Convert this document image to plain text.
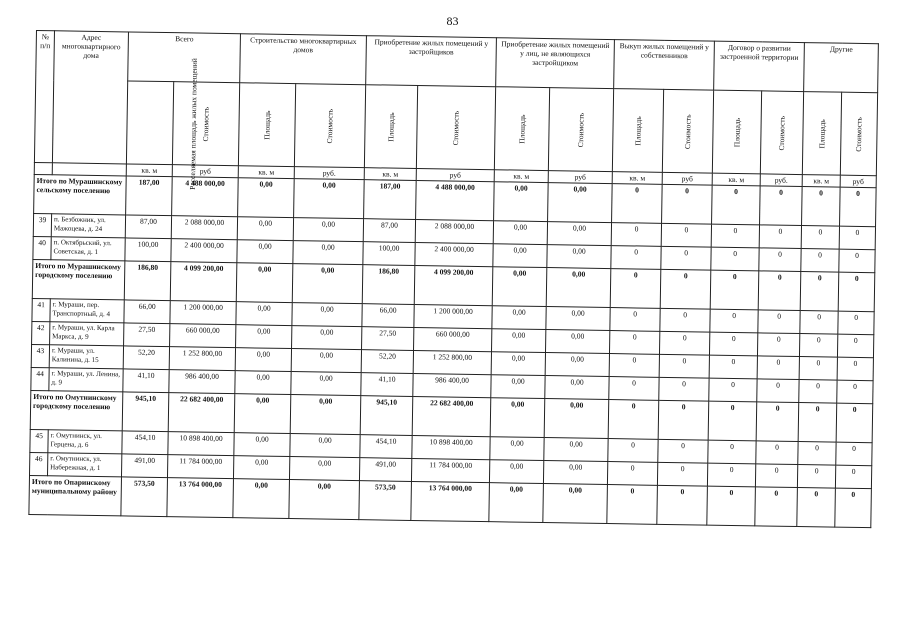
83
№ п/п	Адрес многоквартирного дома	Всего		Строительство многоквартирных домов		Приобретение жилых помещений у застройщиков		Приобретение жилых помещений у лиц, не являющихся застройщиком		Выкуп жилых помещений у собственников		Договор о развитии застроенной территории		Другие	
		Расселяемая площадь жилых помещений	Стоимость	Площадь	Стоимость	Площадь	Стоимость	Площадь	Стоимость	Площадь	Стоимость	Площадь	Стоимость	Площадь	Стоимость
		кв. м	руб	кв. м	руб.	кв. м	руб	кв. м	руб	кв. м	руб	кв. м	руб.	кв. м	руб
Итого по Мурашинскому сельскому поселению		187,00	4 488 000,00	0,00	0,00	187,00	4 488 000,00	0,00	0,00	0	0	0	0	0	0
39	п. Безбожник, ул. Мажоцева, д. 24	87,00	2 088 000,00	0,00	0,00	87,00	2 088 000,00	0,00	0,00	0	0	0	0	0	0
40	п. Октябрьский, ул. Советская, д. 1	100,00	2 400 000,00	0,00	0,00	100,00	2 400 000,00	0,00	0,00	0	0	0	0	0	0
Итого по Мурашинскому городскому поселению		186,80	4 099 200,00	0,00	0,00	186,80	4 099 200,00	0,00	0,00	0	0	0	0	0	0
41	г. Мураши, пер. Транспортный, д. 4	66,00	1 200 000,00	0,00	0,00	66,00	1 200 000,00	0,00	0,00	0	0	0	0	0	0
42	г. Мураши, ул. Карла Маркса, д. 9	27,50	660 000,00	0,00	0,00	27,50	660 000,00	0,00	0,00	0	0	0	0	0	0
43	г. Мураши, ул. Калинина, д. 15	52,20	1 252 800,00	0,00	0,00	52,20	1 252 800,00	0,00	0,00	0	0	0	0	0	0
44	г. Мураши, ул. Ленина, д. 9	41,10	986 400,00	0,00	0,00	41,10	986 400,00	0,00	0,00	0	0	0	0	0	0
Итого по Омутнинскому городскому поселению		945,10	22 682 400,00	0,00	0,00	945,10	22 682 400,00	0,00	0,00	0	0	0	0	0	0
45	г. Омутнинск, ул. Герцена, д. 6	454,10	10 898 400,00	0,00	0,00	454,10	10 898 400,00	0,00	0,00	0	0	0	0	0	0
46	г. Омутнинск, ул. Набережная, д. 1	491,00	11 784 000,00	0,00	0,00	491,00	11 784 000,00	0,00	0,00	0	0	0	0	0	0
Итого по Опаринскому муниципальному району		573,50	13 764 000,00	0,00	0,00	573,50	13 764 000,00	0,00	0,00	0	0	0	0	0	0
